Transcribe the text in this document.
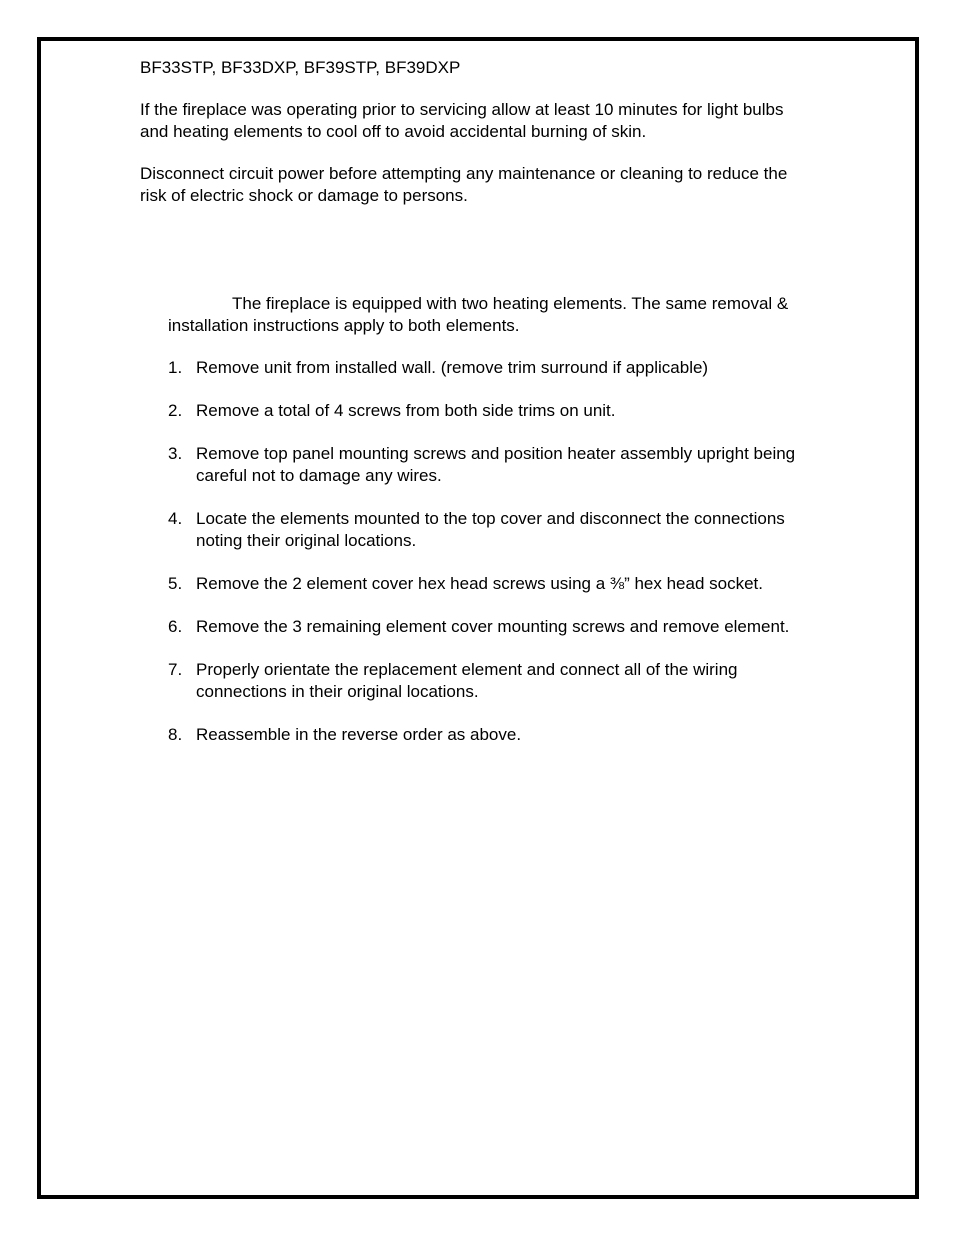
BF33STP, BF33DXP, BF39STP, BF39DXP
If the fireplace was operating prior to servicing allow at least 10 minutes for light bulbs
and heating elements to cool off to avoid accidental burning of skin.
Disconnect circuit power before attempting any maintenance or cleaning to reduce the
risk of electric shock or damage to persons.
The fireplace is equipped with two heating elements. The same removal &
installation instructions apply to both elements.
1. Remove unit from installed wall. (remove trim surround if applicable)
2. Remove a total of 4 screws from both side trims on unit.
3. Remove top panel mounting screws and position heater assembly upright being
careful not to damage any wires.
4. Locate the elements mounted to the top cover and disconnect the connections
noting their original locations.
5. Remove the 2 element cover hex head screws using a ⅜” hex head socket.
6. Remove the 3 remaining element cover mounting screws and remove element.
7. Properly orientate the replacement element and connect all of the wiring
connections in their original locations.
8. Reassemble in the reverse order as above.
